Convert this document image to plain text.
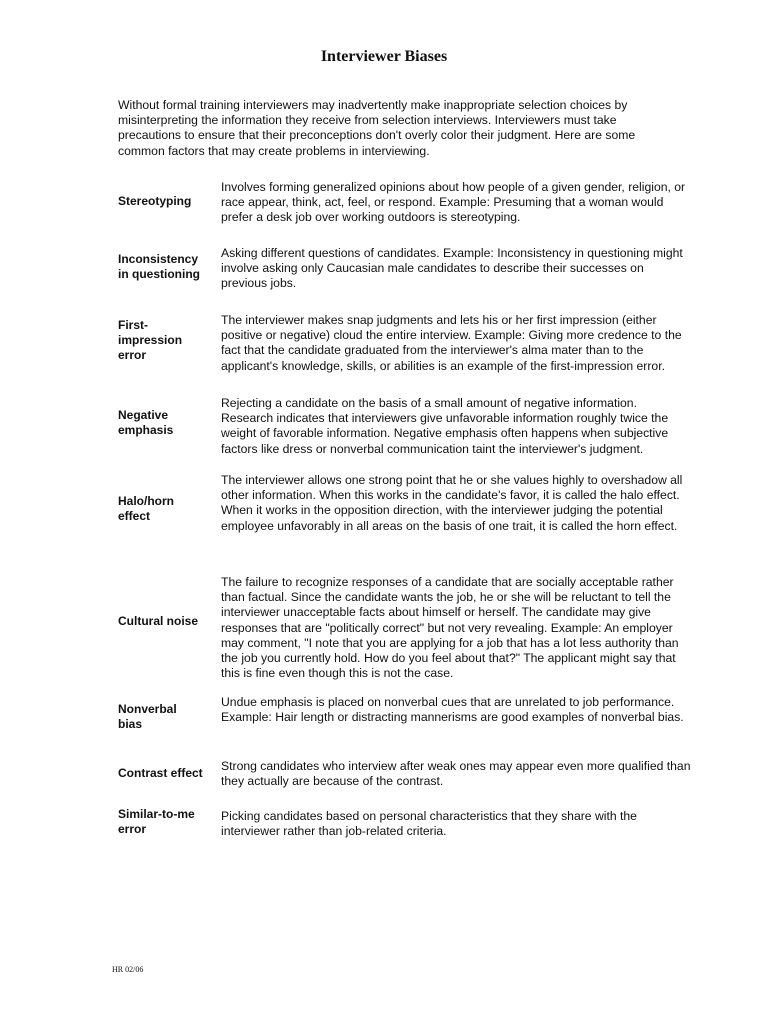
Interviewer Biases

Without formal training interviewers may inadvertently make inappropriate selection choices by misinterpreting the information they receive from selection interviews. Interviewers must take precautions to ensure that their preconceptions don't overly color their judgment. Here are some common factors that may create problems in interviewing.

Stereotyping

Involves forming generalized opinions about how people of a given gender, religion, or race appear, think, act, feel, or respond. Example: Presuming that a woman would prefer a desk job over working outdoors is stereotyping.

Inconsistency in questioning

Asking different questions of candidates. Example: Inconsistency in questioning might involve asking only Caucasian male candidates to describe their successes on previous jobs.

First-impression error

The interviewer makes snap judgments and lets his or her first impression (either positive or negative) cloud the entire interview. Example: Giving more credence to the fact that the candidate graduated from the interviewer's alma mater than to the applicant's knowledge, skills, or abilities is an example of the first-impression error.

Negative emphasis

Rejecting a candidate on the basis of a small amount of negative information. Research indicates that interviewers give unfavorable information roughly twice the weight of favorable information. Negative emphasis often happens when subjective factors like dress or nonverbal communication taint the interviewer's judgment.

Halo/horn effect

The interviewer allows one strong point that he or she values highly to overshadow all other information. When this works in the candidate's favor, it is called the halo effect. When it works in the opposition direction, with the interviewer judging the potential employee unfavorably in all areas on the basis of one trait, it is called the horn effect.

Cultural noise

The failure to recognize responses of a candidate that are socially acceptable rather than factual. Since the candidate wants the job, he or she will be reluctant to tell the interviewer unacceptable facts about himself or herself. The candidate may give responses that are "politically correct" but not very revealing. Example: An employer may comment, "I note that you are applying for a job that has a lot less authority than the job you currently hold. How do you feel about that?" The applicant might say that this is fine even though this is not the case.

Nonverbal bias

Undue emphasis is placed on nonverbal cues that are unrelated to job performance. Example: Hair length or distracting mannerisms are good examples of nonverbal bias.

Contrast effect	Strong candidates who interview after weak ones may appear even more qualified than they actually are because of the contrast.

Similar-to-me error

Picking candidates based on personal characteristics that they share with the interviewer rather than job-related criteria.

HR 02/06
